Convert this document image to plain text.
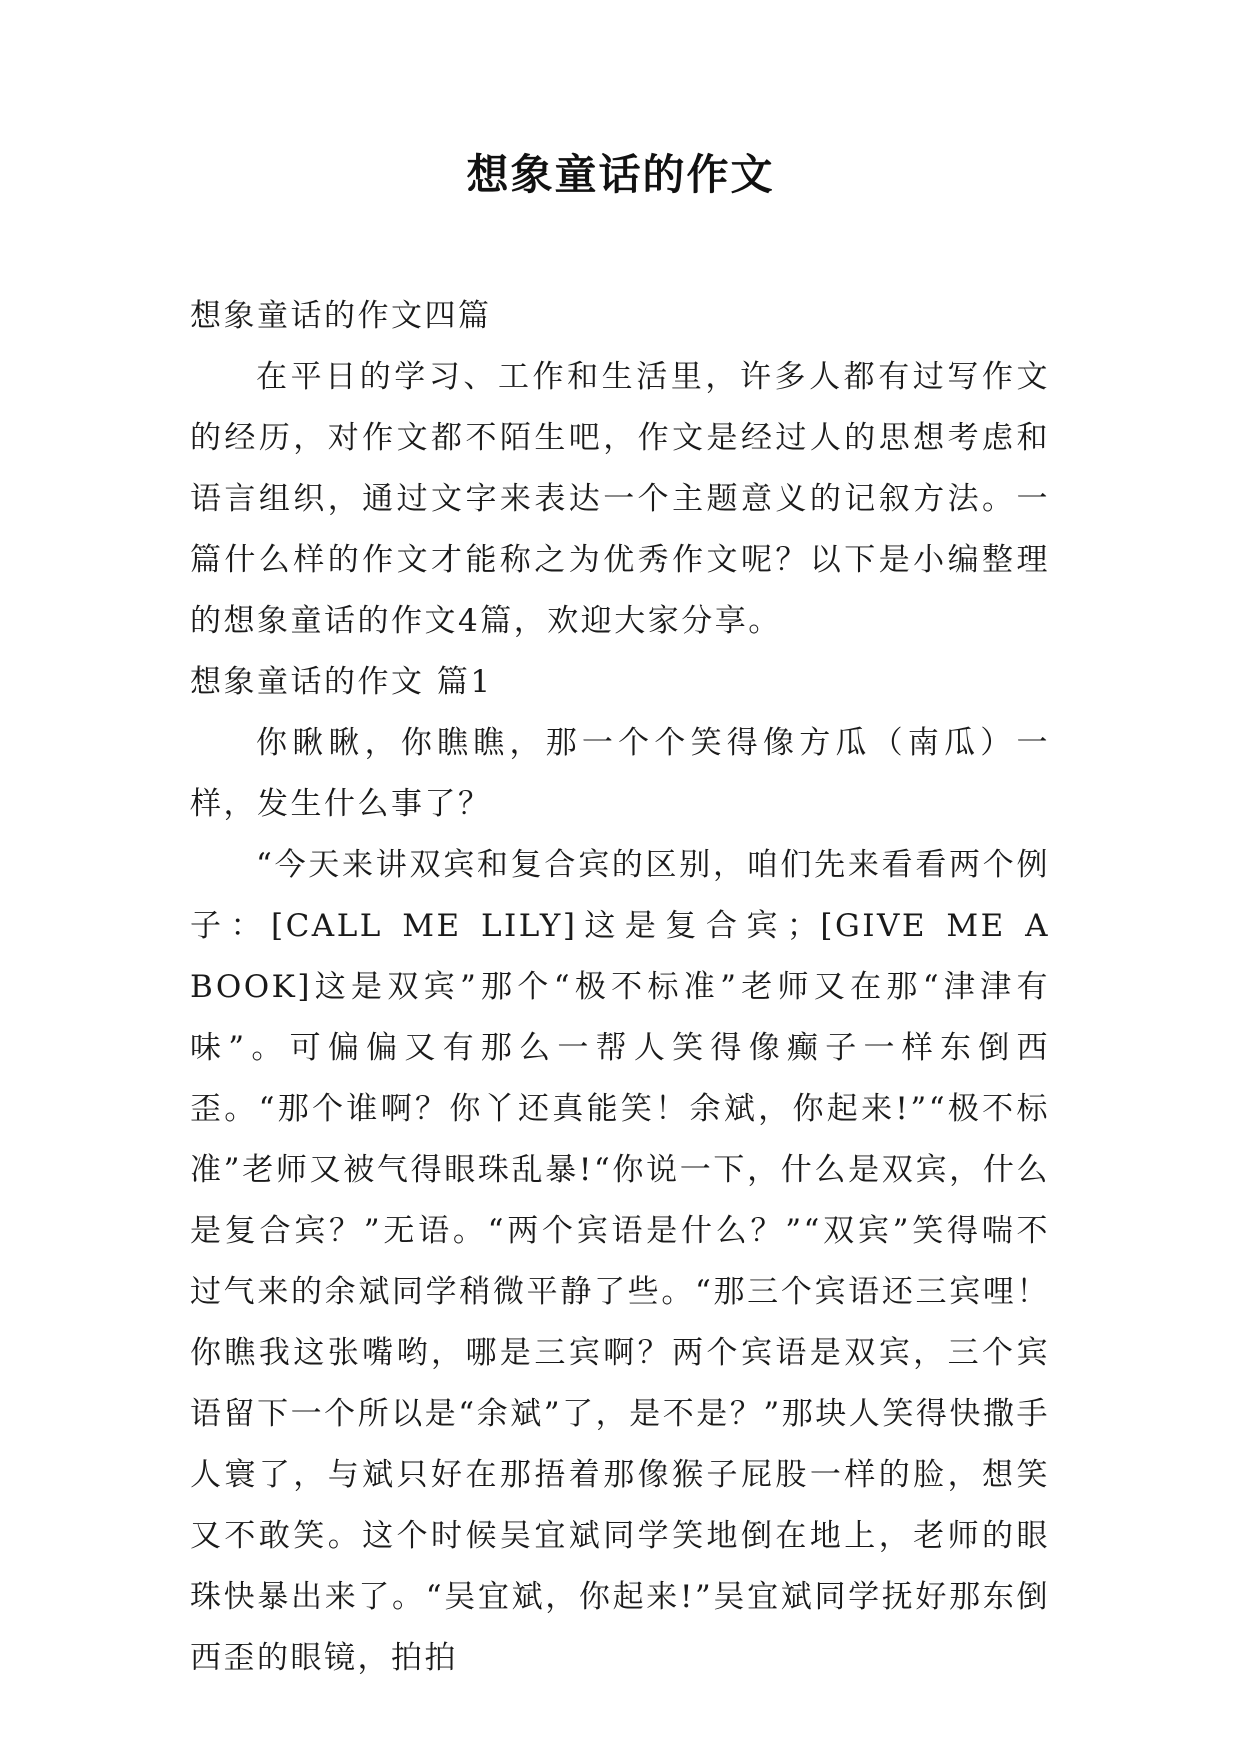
想象童话的作文

想象童话的作文四篇

在平日的学习、工作和生活里，许多人都有过写作文的经历，对作文都不陌生吧，作文是经过人的思想考虑和语言组织，通过文字来表达一个主题意义的记叙方法。一篇什么样的作文才能称之为优秀作文呢？以下是小编整理的想象童话的作文4篇，欢迎大家分享。

想象童话的作文 篇1

你瞅瞅，你瞧瞧，那一个个笑得像方瓜（南瓜）一样，发生什么事了？

“今天来讲双宾和复合宾的区别，咱们先来看看两个例子：[CALL ME LILY]这是复合宾；[GIVE ME A BOOK]这是双宾”那个“极不标准”老师又在那“津津有味”。可偏偏又有那么一帮人笑得像癫子一样东倒西歪。“那个谁啊？你丫还真能笑！余斌，你起来!”“极不标准”老师又被气得眼珠乱暴!“你说一下，什么是双宾，什么是复合宾？”无语。“两个宾语是什么？”“双宾”笑得喘不过气来的余斌同学稍微平静了些。“那三个宾语还三宾哩！你瞧我这张嘴哟，哪是三宾啊？两个宾语是双宾，三个宾语留下一个所以是“余斌”了，是不是？”那块人笑得快撒手人寰了，与斌只好在那捂着那像猴子屁股一样的脸，想笑又不敢笑。这个时候吴宜斌同学笑地倒在地上，老师的眼珠快暴出来了。“吴宜斌，你起来!”吴宜斌同学抚好那东倒西歪的眼镜，拍拍
